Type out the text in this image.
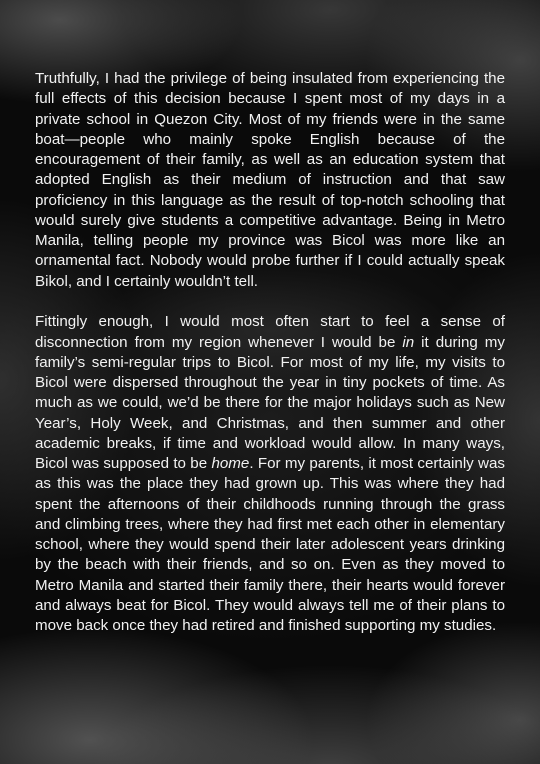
Truthfully, I had the privilege of being insulated from experiencing the full effects of this decision because I spent most of my days in a private school in Quezon City. Most of my friends were in the same boat—people who mainly spoke English because of the encouragement of their family, as well as an education system that adopted English as their medium of instruction and that saw proficiency in this language as the result of top-notch schooling that would surely give students a competitive advantage. Being in Metro Manila, telling people my province was Bicol was more like an ornamental fact. Nobody would probe further if I could actually speak Bikol, and I certainly wouldn’t tell.

Fittingly enough, I would most often start to feel a sense of disconnection from my region whenever I would be in it during my family’s semi-regular trips to Bicol. For most of my life, my visits to Bicol were dispersed throughout the year in tiny pockets of time. As much as we could, we’d be there for the major holidays such as New Year’s, Holy Week, and Christmas, and then summer and other academic breaks, if time and workload would allow. In many ways, Bicol was supposed to be home. For my parents, it most certainly was as this was the place they had grown up. This was where they had spent the afternoons of their childhoods running through the grass and climbing trees, where they had first met each other in elementary school, where they would spend their later adolescent years drinking by the beach with their friends, and so on. Even as they moved to Metro Manila and started their family there, their hearts would forever and always beat for Bicol. They would always tell me of their plans to move back once they had retired and finished supporting my studies.
